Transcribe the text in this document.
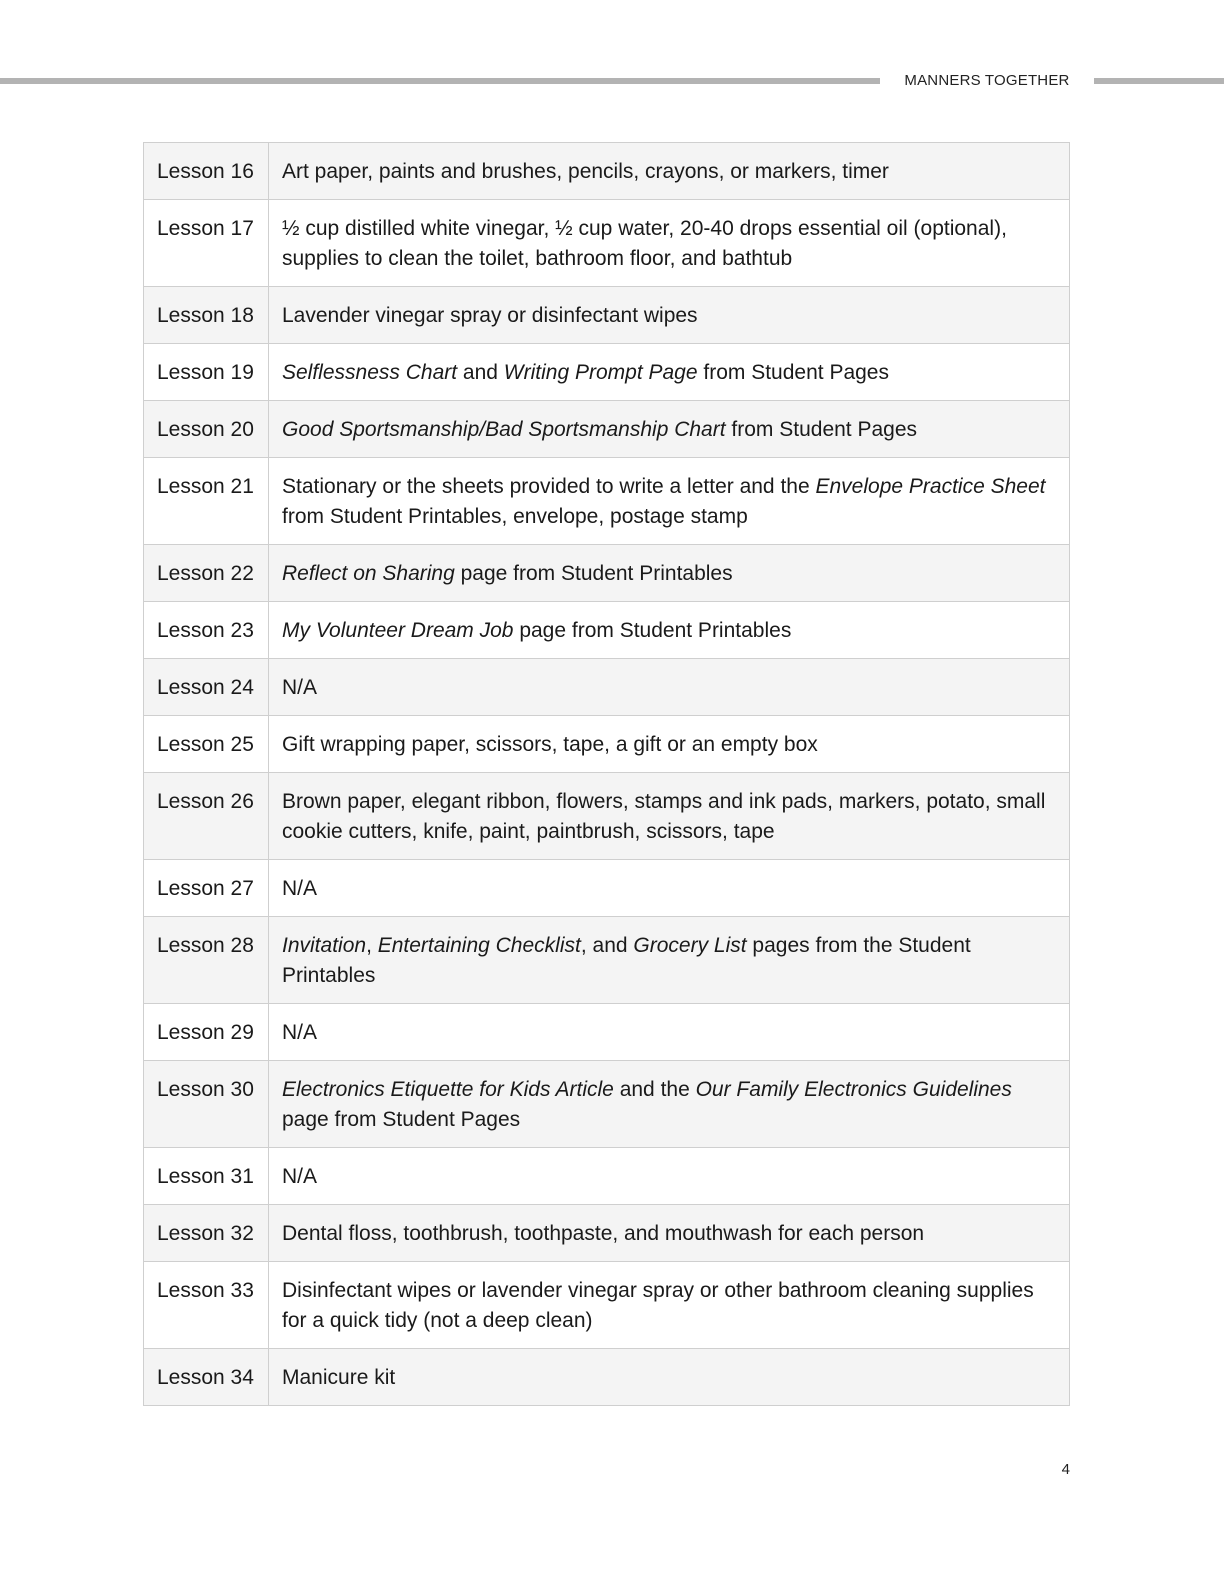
MANNERS TOGETHER
Lesson 16	Art paper, paints and brushes, pencils, crayons, or markers, timer
Lesson 17	½ cup distilled white vinegar, ½ cup water, 20-40 drops essential oil (optional), supplies to clean the toilet, bathroom floor, and bathtub
Lesson 18	Lavender vinegar spray or disinfectant wipes
Lesson 19	Selflessness Chart and Writing Prompt Page from Student Pages
Lesson 20	Good Sportsmanship/Bad Sportsmanship Chart from Student Pages
Lesson 21	Stationary or the sheets provided to write a letter and the Envelope Practice Sheet from Student Printables, envelope, postage stamp
Lesson 22	Reflect on Sharing page from Student Printables
Lesson 23	My Volunteer Dream Job page from Student Printables
Lesson 24	N/A
Lesson 25	Gift wrapping paper, scissors, tape, a gift or an empty box
Lesson 26	Brown paper, elegant ribbon, flowers, stamps and ink pads, markers, potato, small cookie cutters, knife, paint, paintbrush, scissors, tape
Lesson 27	N/A
Lesson 28	Invitation, Entertaining Checklist, and Grocery List pages from the Student Printables
Lesson 29	N/A
Lesson 30	Electronics Etiquette for Kids Article and the Our Family Electronics Guidelines page from Student Pages
Lesson 31	N/A
Lesson 32	Dental floss, toothbrush, toothpaste, and mouthwash for each person
Lesson 33	Disinfectant wipes or lavender vinegar spray or other bathroom cleaning supplies for a quick tidy (not a deep clean)
Lesson 34	Manicure kit
4
